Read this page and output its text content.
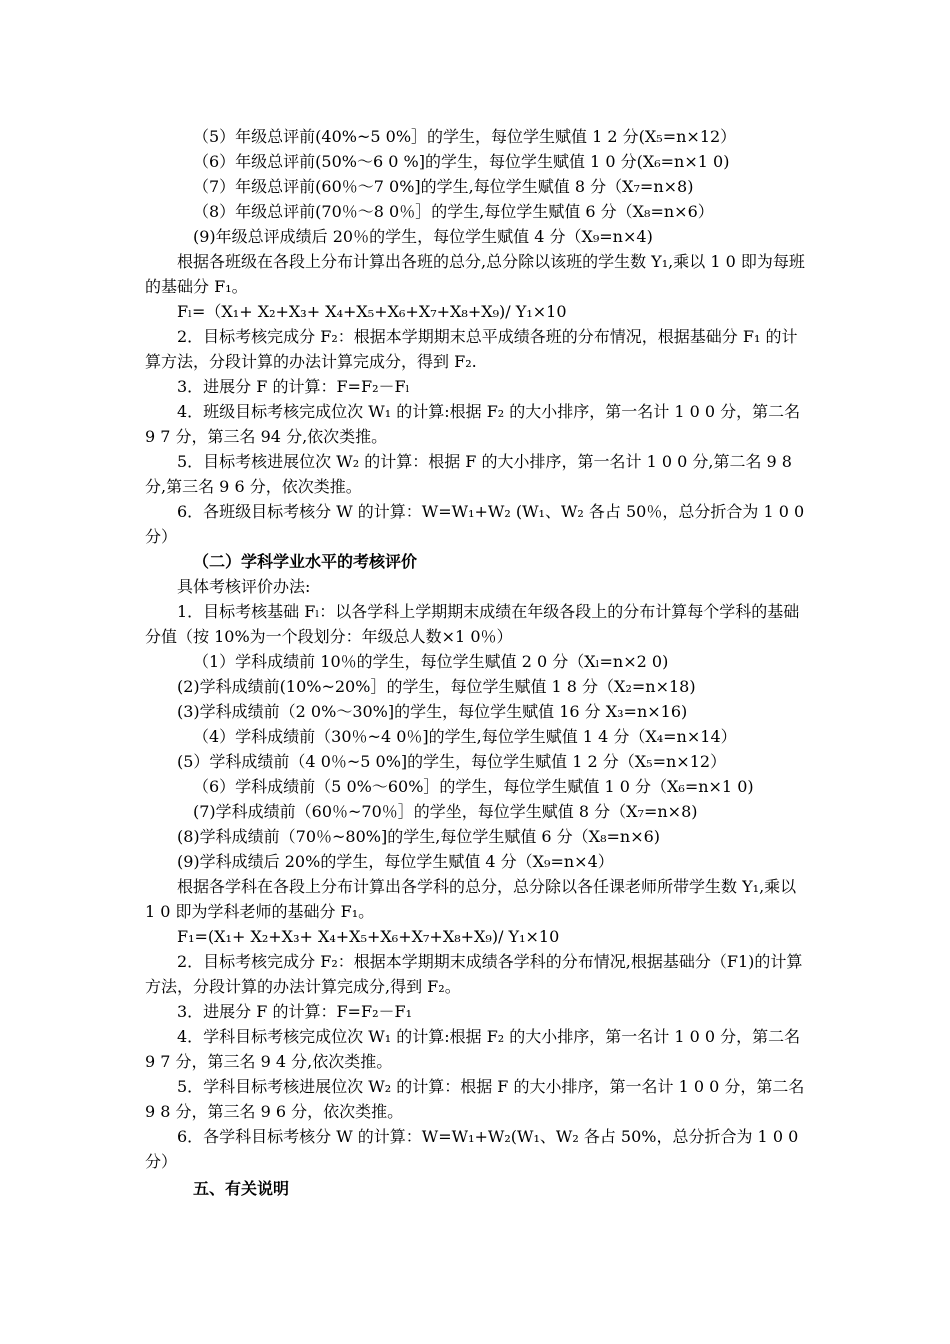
（5）年级总评前(40%~5 0%］的学生，每位学生赋值 1 2 分(X₅=n×12）

（6）年级总评前(50%～6 0 %]的学生，每位学生赋值 1 0 分(X₆=n×1 0)

（7）年级总评前(60％～7 0%]的学生,每位学生赋值 8 分（X₇=n×8)

（8）年级总评前(70％～8 0％］的学生,每位学生赋值 6 分（X₈=n×6）

(9)年级总评成绩后 20％的学生，每位学生赋值 4 分（X₉=n×4)

根据各班级在各段上分布计算出各班的总分,总分除以该班的学生数 Y₁,乘以 1 0 即为每班的基础分 F₁。

Fₗ=（X₁+ X₂+X₃+ X₄+X₅+X₆+X₇+X₈+X₉)/ Y₁×10

2．目标考核完成分 F₂：根据本学期期末总平成绩各班的分布情况，根据基础分 F₁ 的计算方法，分段计算的办法计算完成分，得到 F₂.

3．进展分 F 的计算：F=F₂－Fₗ

4．班级目标考核完成位次 W₁ 的计算:根据 F₂ 的大小排序，第一名计 1 0 0 分，第二名 9 7 分，第三名 94 分,依次类推。

5．目标考核进展位次 W₂ 的计算：根据 F 的大小排序，第一名计 1 0 0 分,第二名 9 8 分,第三名 9 6 分，依次类推。

6．各班级目标考核分 W 的计算：W=W₁+W₂ (W₁、W₂ 各占 50％，总分折合为 1 0 0 分）

（二）学科学业水平的考核评价

具体考核评价办法:

1．目标考核基础 Fₗ：以各学科上学期期末成绩在年级各段上的分布计算每个学科的基础分值（按 10%为一个段划分：年级总人数×1 0％）

（1）学科成绩前 10％的学生，每位学生赋值 2 0 分（Xₗ=n×2 0)

(2)学科成绩前(10%~20%］的学生，每位学生赋值 1 8 分（X₂=n×18)

(3)学科成绩前（2 0%～30%]的学生，每位学生赋值 16 分 X₃=n×16)

（4）学科成绩前（30％~4 0％]的学生,每位学生赋值 1 4 分（X₄=n×14）

(5）学科成绩前（4 0％~5 0%]的学生，每位学生赋值 1 2 分（X₅=n×12）

（6）学科成绩前（5 0%～60%］的学生，每位学生赋值 1 0 分（X₆=n×1 0)

(7)学科成绩前（60％~70％］的学坐，每位学生赋值 8 分（X₇=n×8)

(8)学科成绩前（70％~80%]的学生,每位学生赋值 6 分（X₈=n×6)

(9)学科成绩后 20%的学生，每位学生赋值 4 分（X₉=n×4）

根据各学科在各段上分布计算出各学科的总分，总分除以各任课老师所带学生数 Y₁,乘以 1 0 即为学科老师的基础分 F₁。

F₁=(X₁+ X₂+X₃+ X₄+X₅+X₆+X₇+X₈+X₉)/ Y₁×10

2．目标考核完成分 F₂：根据本学期期末成绩各学科的分布情况,根据基础分（F1)的计算方法，分段计算的办法计算完成分,得到 F₂。

3．进展分 F 的计算：F=F₂－F₁

4．学科目标考核完成位次 W₁ 的计算:根据 F₂ 的大小排序，第一名计 1 0 0 分，第二名 9 7 分，第三名 9 4 分,依次类推。

5．学科目标考核进展位次 W₂ 的计算：根据 F 的大小排序，第一名计 1 0 0 分，第二名 9 8 分，第三名 9 6 分，依次类推。

6．各学科目标考核分 W 的计算：W=W₁+W₂(W₁、W₂ 各占 50%，总分折合为 1 0 0 分）

五、有关说明
